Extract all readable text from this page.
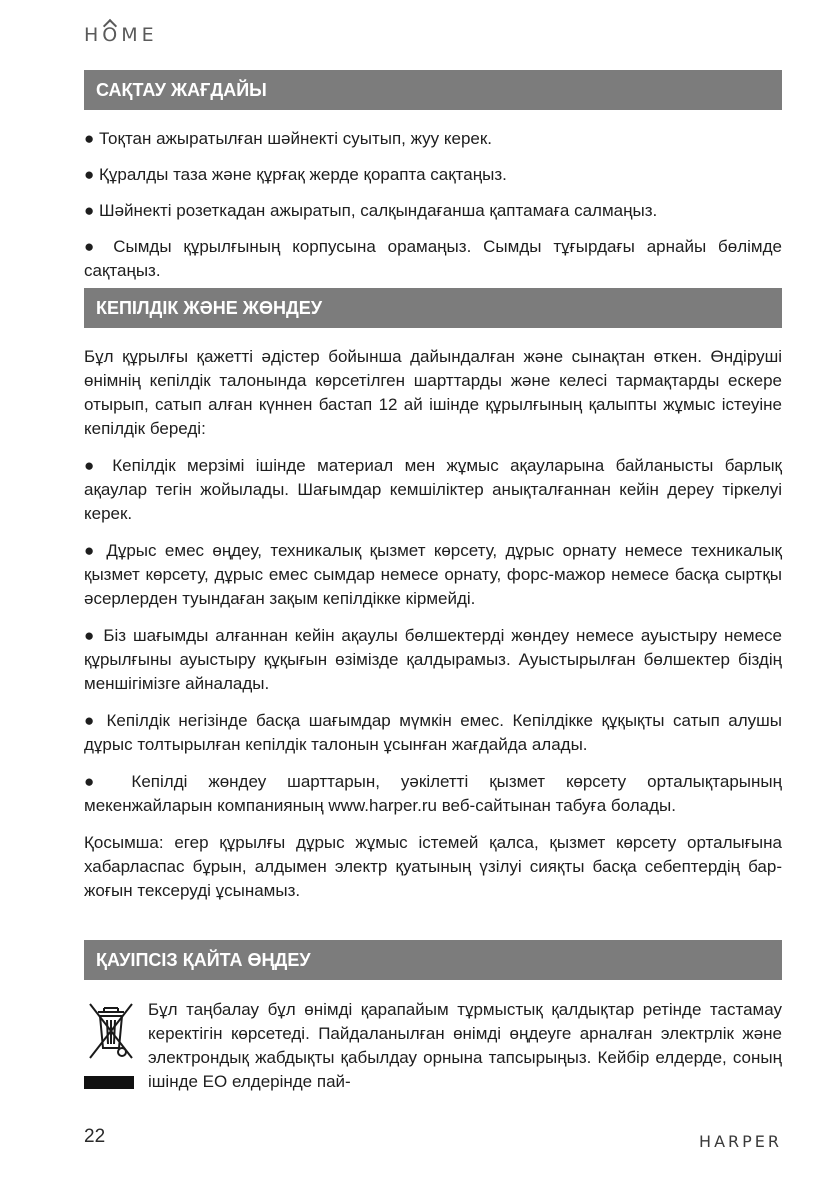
HOME
САҚТАУ ЖАҒДАЙЫ

● Тоқтан ажыратылған шәйнекті суытып, жуу керек.

● Құралды таза және құрғақ жерде қорапта сақтаңыз.

● Шәйнекті розеткадан ажыратып, салқындағанша қаптамаға салмаңыз.

● Сымды құрылғының корпусына орамаңыз. Сымды тұғырдағы арнайы бөлімде сақтаңыз.

КЕПІЛДІК ЖӘНЕ ЖӨНДЕУ

Бұл құрылғы қажетті әдістер бойынша дайындалған және сынақтан өткен. Өндіруші өнімнің кепілдік талонында көрсетілген шарттарды және келесі тармақтарды ескере отырып, сатып алған күннен бастап 12 ай ішінде құрылғының қалыпты жұмыс істеуіне кепілдік береді:

● Кепілдік мерзімі ішінде материал мен жұмыс ақауларына байланысты барлық ақаулар тегін жойылады. Шағымдар кемшіліктер анықталғаннан кейін дереу тіркелуі керек.

● Дұрыс емес өңдеу, техникалық қызмет көрсету, дұрыс орнату немесе техникалық қызмет көрсету, дұрыс емес сымдар немесе орнату, форс-мажор немесе басқа сыртқы әсерлерден туындаған зақым кепілдікке кірмейді.

● Біз шағымды алғаннан кейін ақаулы бөлшектерді жөндеу немесе ауыстыру немесе құрылғыны ауыстыру құқығын өзімізде қалдырамыз. Ауыстырылған бөлшектер біздің меншігімізге айналады.

● Кепілдік негізінде басқа шағымдар мүмкін емес. Кепілдікке құқықты сатып алушы дұрыс толтырылған кепілдік талонын ұсынған жағдайда алады.

● Кепілді жөндеу шарттарын, уәкілетті қызмет көрсету орталықтарының мекенжайларын компанияның www.harper.ru веб-сайтынан табуға болады.

Қосымша: егер құрылғы дұрыс жұмыс істемей қалса, қызмет көрсету орталығына хабарласпас бұрын, алдымен электр қуатының үзілуі сияқты басқа себептердің бар-жоғын тексеруді ұсынамыз.

ҚАУІПСІЗ ҚАЙТА ӨҢДЕУ

Бұл таңбалау бұл өнімді қарапайым тұрмыстық қалдықтар ретінде тастамау керектігін көрсетеді. Пайдаланылған өнімді өңдеуге арналған электрлік және электрондық жабдықты қабылдау орнына тапсырыңыз. Кейбір елдерде, соның ішінде ЕО елдерінде пай-

22	HARPER
